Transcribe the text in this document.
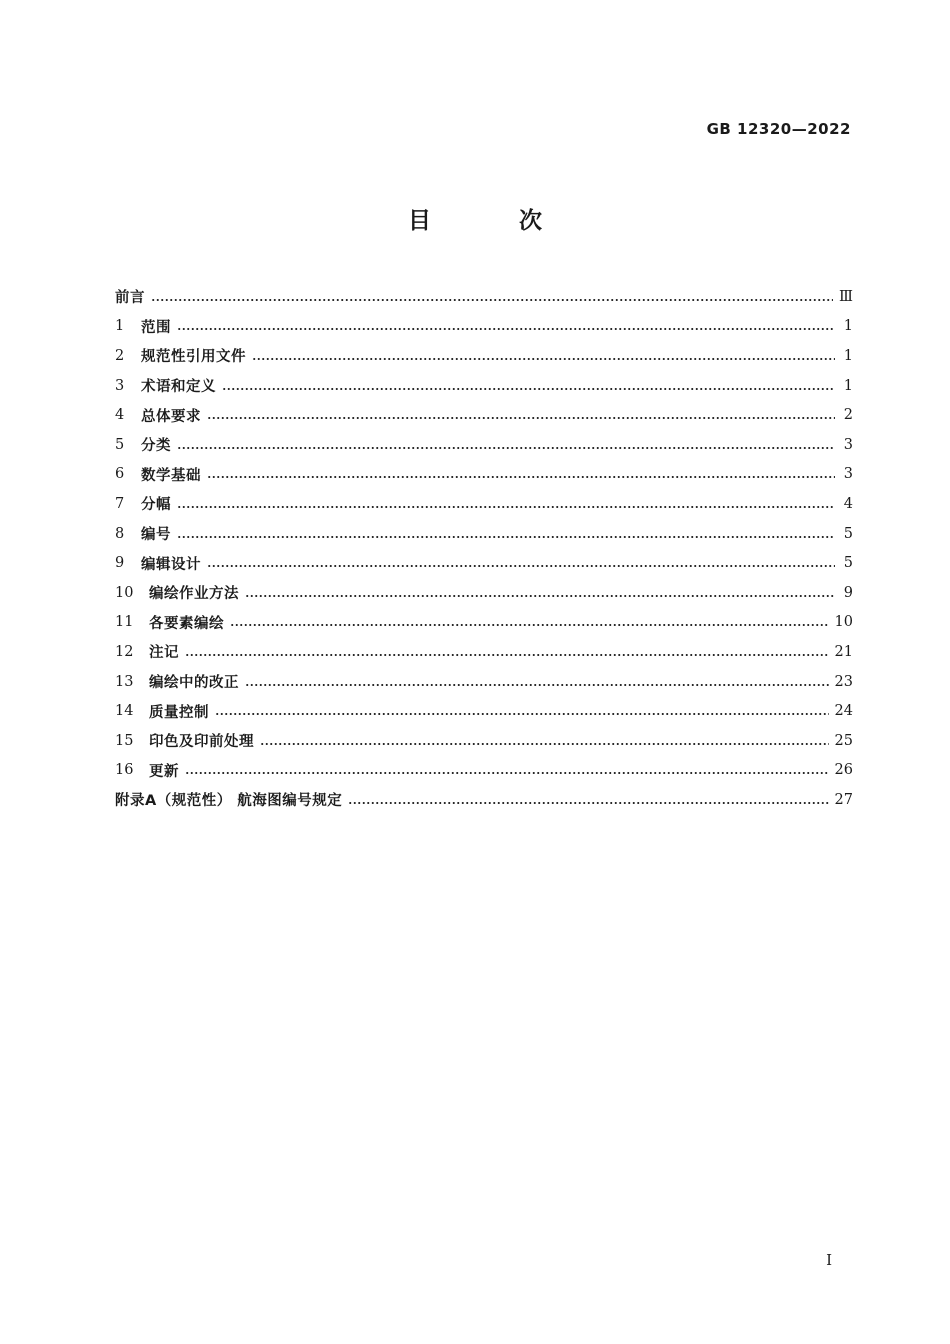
GB 12320—2022
目 次
前言	Ⅲ
1	范围	1
2	规范性引用文件	1
3	术语和定义	1
4	总体要求	2
5	分类	3
6	数学基础	3
7	分幅	4
8	编号	5
9	编辑设计	5
10	编绘作业方法	9
11	各要素编绘	10
12	注记	21
13	编绘中的改正	23
14	质量控制	24
15	印色及印前处理	25
16	更新	26
附录A（规范性） 航海图编号规定	27
I
